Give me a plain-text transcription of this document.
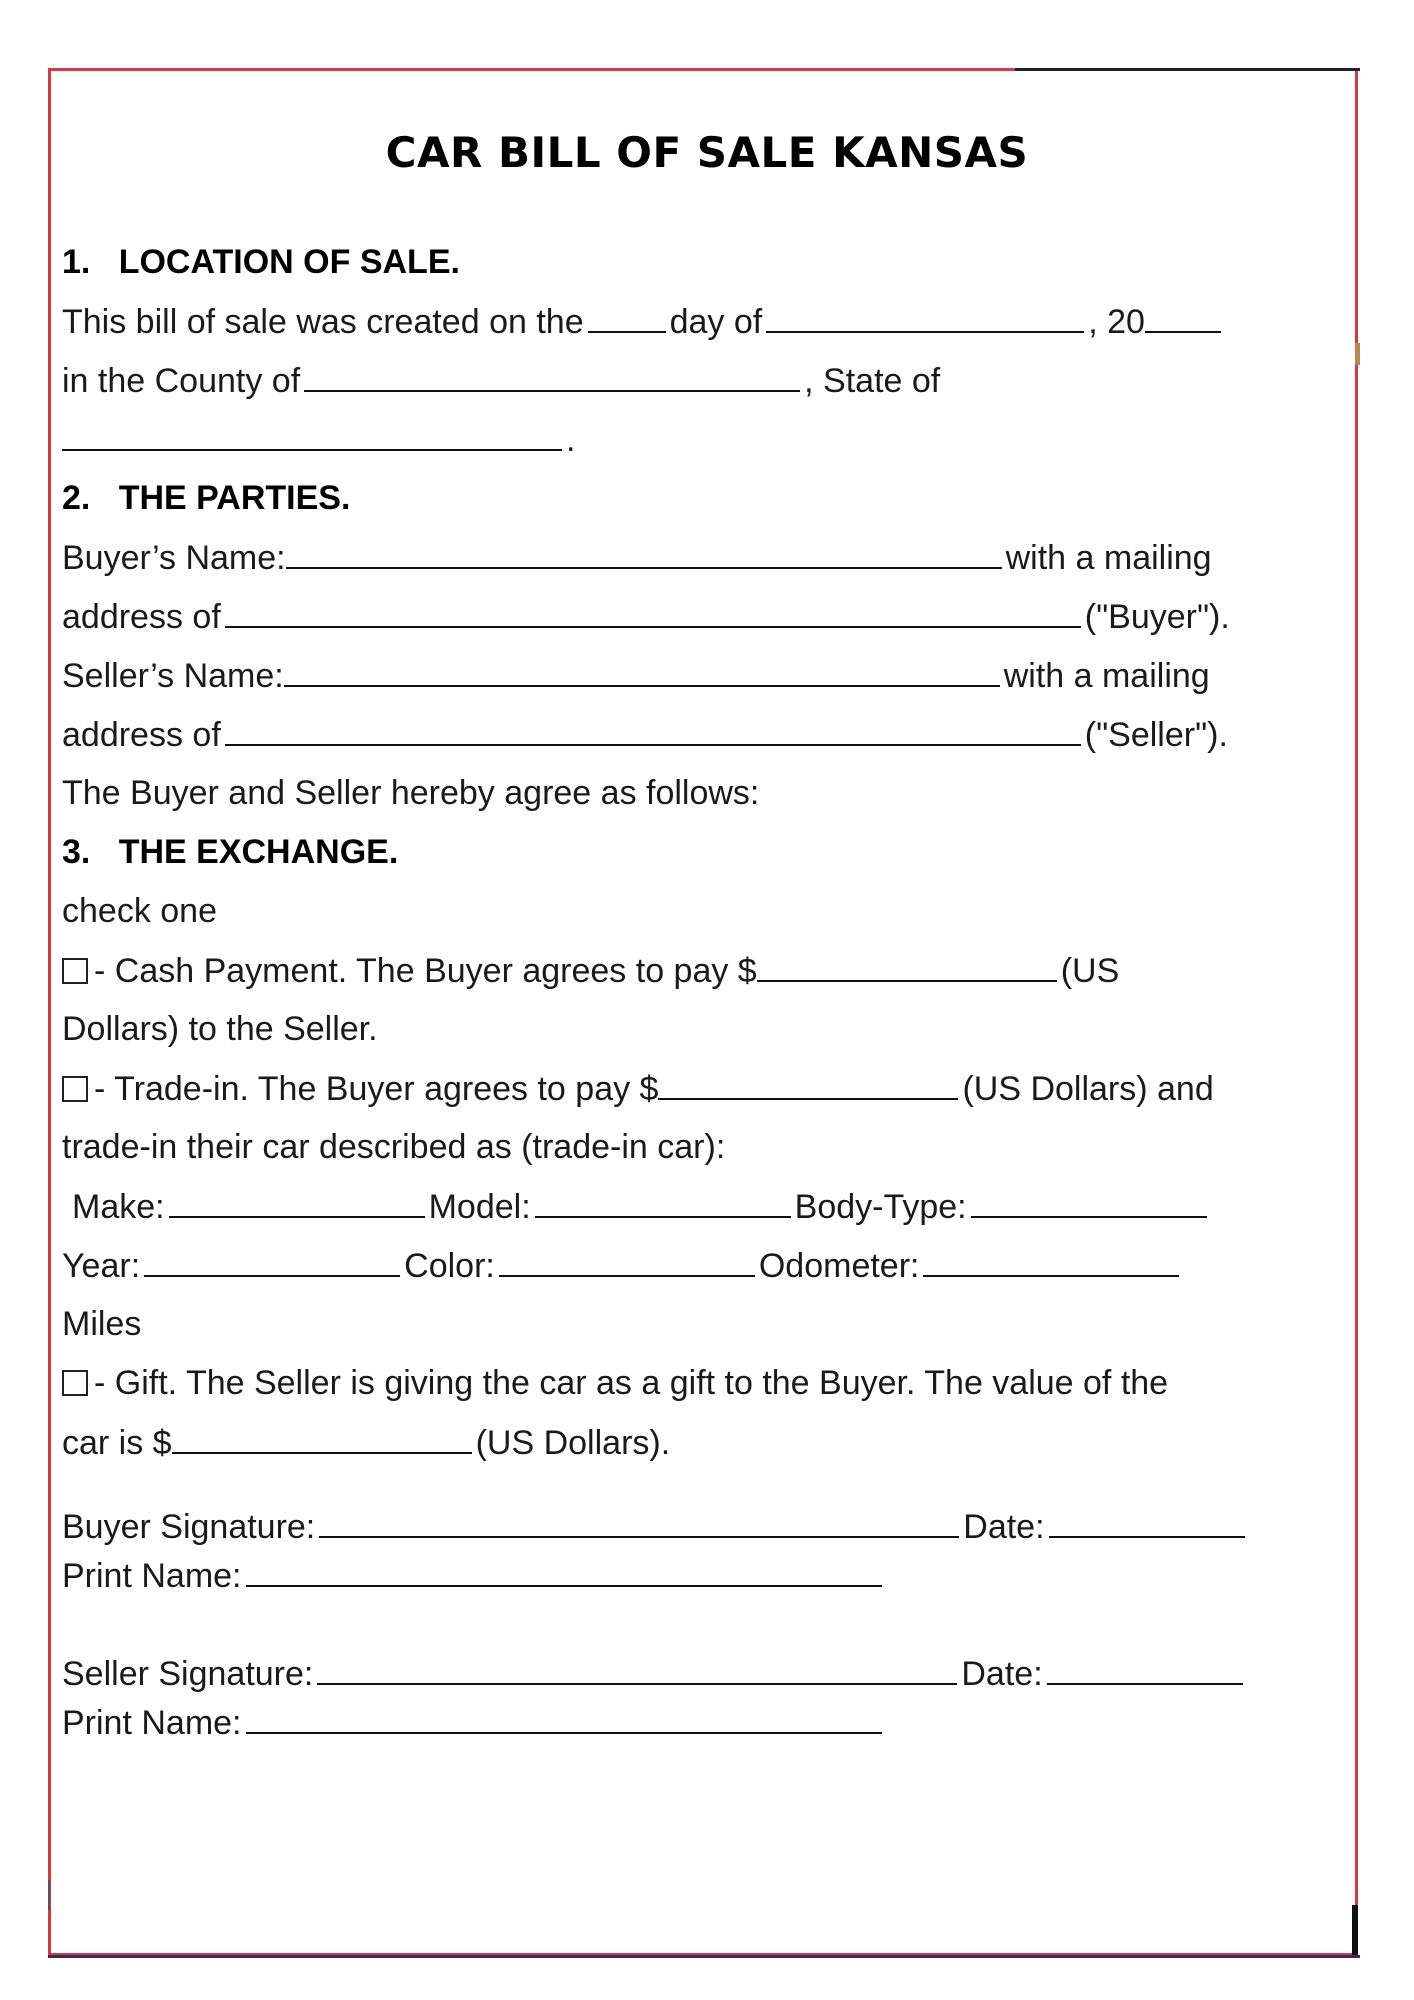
CAR BILL OF SALE KANSAS
1.   LOCATION OF SALE.
This bill of sale was created on the	day of	, 20
in the County of	, State of
.
2.   THE PARTIES.
Buyer’s Name:	with a mailing
address of	("Buyer").
Seller’s Name:	with a mailing
address of	("Seller").
The Buyer and Seller hereby agree as follows:
3.   THE EXCHANGE.
check one
- Cash Payment. The Buyer agrees to pay $	(US
Dollars) to the Seller.
- Trade-in. The Buyer agrees to pay $	(US Dollars) and
trade-in their car described as (trade-in car):
Make:	Model:	Body-Type:
Year:	Color:	Odometer:
Miles
- Gift. The Seller is giving the car as a gift to the Buyer. The value of the
car is $	(US Dollars).
Buyer Signature:	Date:
Print Name:
Seller Signature:	Date:
Print Name:
